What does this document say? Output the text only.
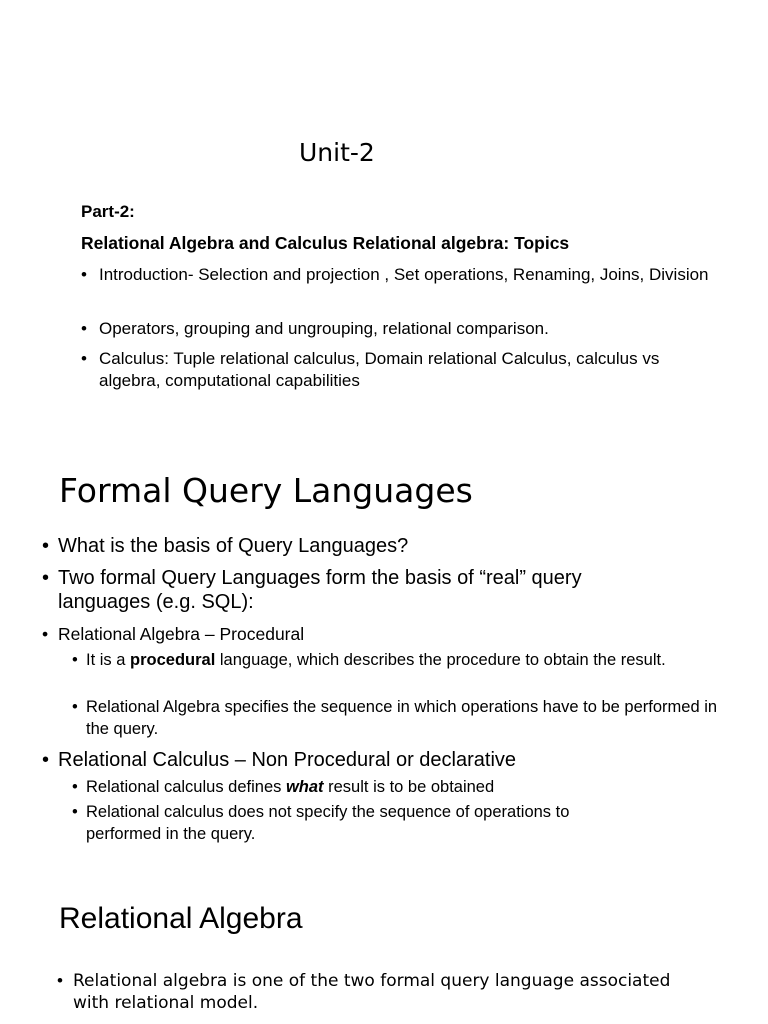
Unit-2
Part-2:
Relational Algebra and Calculus Relational algebra: Topics
• Introduction- Selection and projection , Set operations, Renaming, Joins, Division
• Operators, grouping and ungrouping, relational comparison.
• Calculus: Tuple relational calculus, Domain relational Calculus, calculus vs algebra, computational capabilities
Formal Query Languages
• What is the basis of Query Languages?
• Two formal Query Languages form the basis of “real” query languages (e.g. SQL):
• Relational Algebra – Procedural
• It is a procedural language, which describes the procedure to obtain the result.
• Relational Algebra specifies the sequence in which operations have to be performed in the query.
• Relational Calculus – Non Procedural or declarative
• Relational calculus defines what result is to be obtained
• Relational calculus does not specify the sequence of operations to performed in the query.
Relational Algebra
• Relational algebra is one of the two formal query language associated with relational model.
